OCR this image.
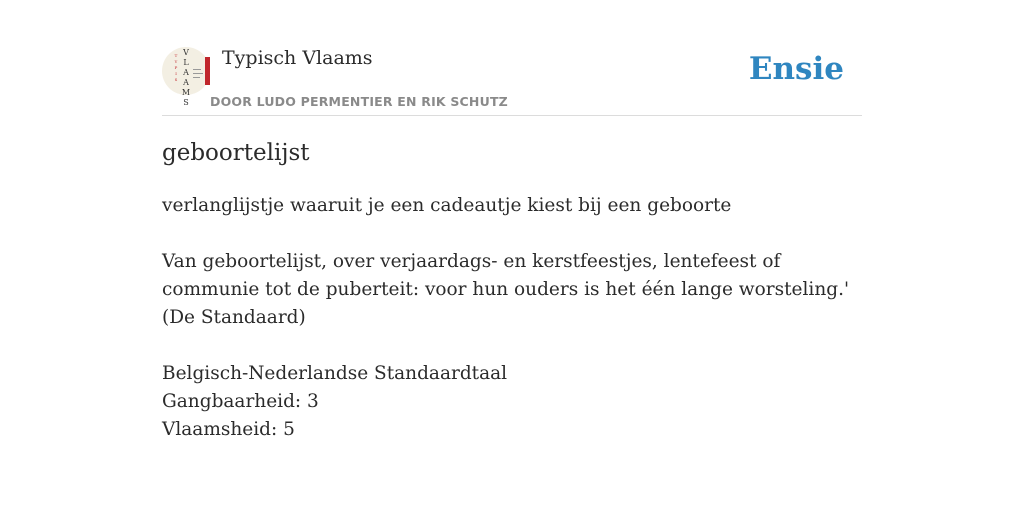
T
Y
P
I
S
V
L
A
A
M
S
Typisch Vlaams
DOOR LUDO PERMENTIER EN RIK SCHUTZ
Ensie
geboortelijst

verlanglijstje waaruit je een cadeautje kiest bij een geboorte

Van geboortelijst, over verjaardags- en kerstfeestjes, lentefeest of communie tot de puberteit: voor hun ouders is het één lange worsteling.'

(De Standaard)

Belgisch-Nederlandse Standaardtaal

Gangbaarheid: 3

Vlaamsheid: 5
